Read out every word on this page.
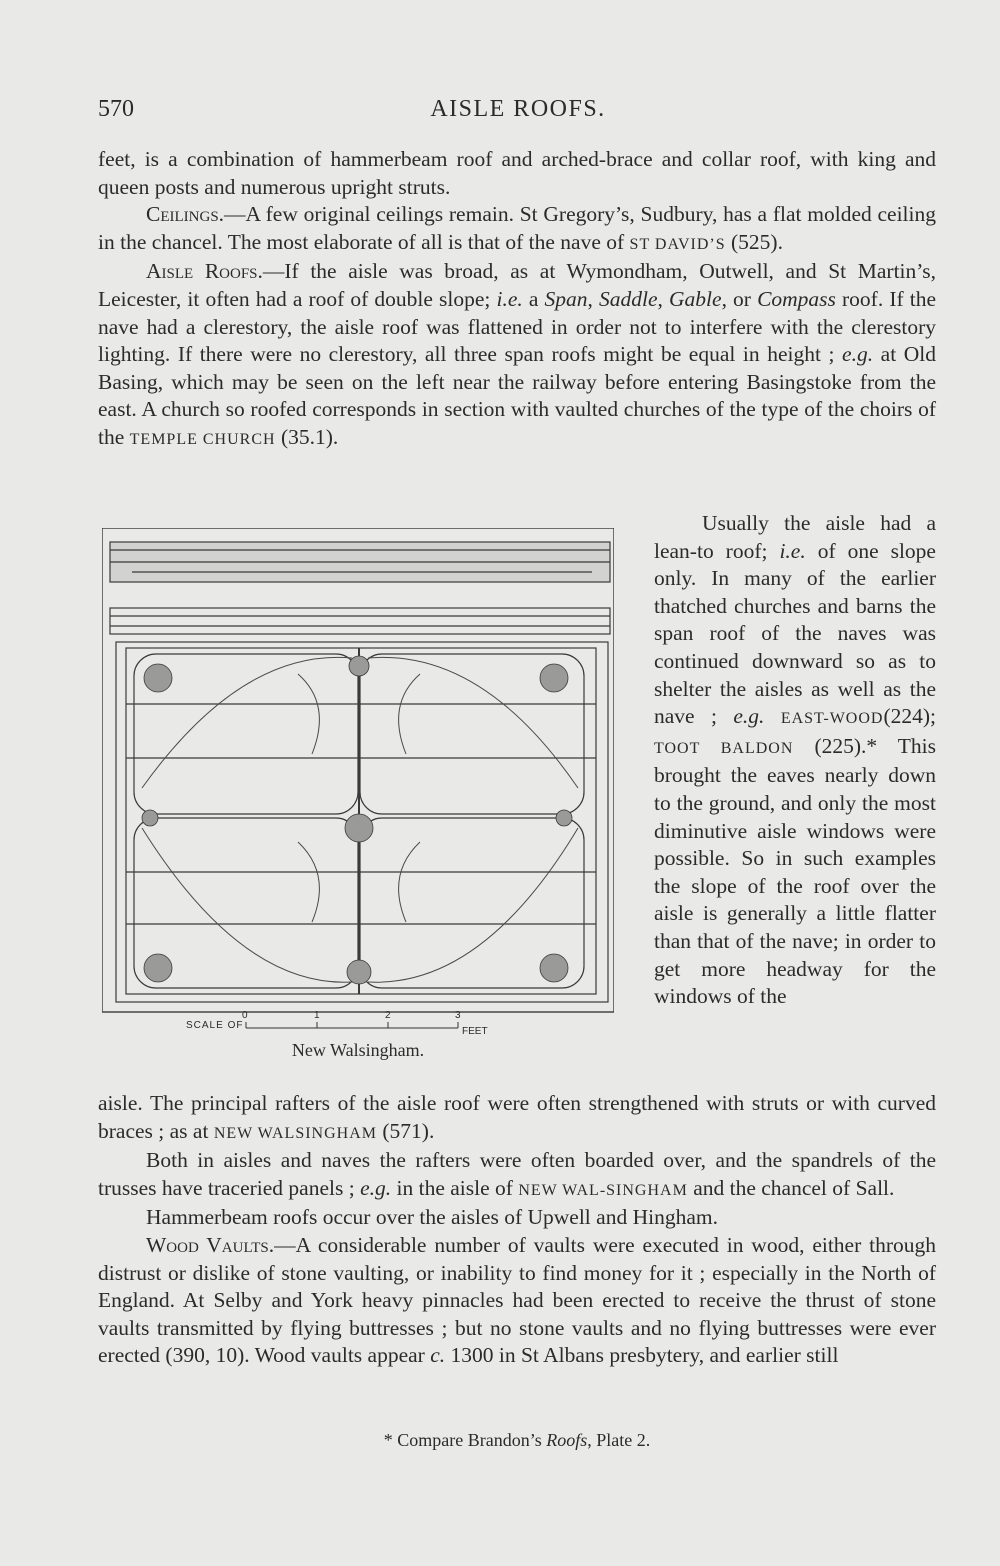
570	AISLE ROOFS.

feet, is a combination of hammerbeam roof and arched-brace and collar roof, with king and queen posts and numerous upright struts.

Ceilings.—A few original ceilings remain. St Gregory’s, Sudbury, has a flat molded ceiling in the chancel. The most elaborate of all is that of the nave of ST DAVID’S (525).

Aisle Roofs.—If the aisle was broad, as at Wymondham, Outwell, and St Martin’s, Leicester, it often had a roof of double slope; i.e. a Span, Saddle, Gable, or Compass roof. If the nave had a clerestory, the aisle roof was flattened in order not to interfere with the clerestory lighting. If there were no clerestory, all three span roofs might be equal in height ; e.g. at Old Basing, which may be seen on the left near the railway before entering Basingstoke from the east. A church so roofed corresponds in section with vaulted churches of the type of the choirs of the TEMPLE CHURCH (35.1).

SCALE OF
0	1	2	3
FEET
New Walsingham.

Usually the aisle had a lean-to roof; i.e. of one slope only. In many of the earlier thatched churches and barns the span roof of the naves was continued downward so as to shelter the aisles as well as the nave ; e.g. EAST-WOOD(224); TOOT BALDON (225).* This brought the eaves nearly down to the ground, and only the most diminutive aisle windows were possible. So in such examples the slope of the roof over the aisle is generally a little flatter than that of the nave; in order to get more headway for the windows of the

aisle. The principal rafters of the aisle roof were often strengthened with struts or with curved braces ; as at NEW WALSINGHAM (571).

Both in aisles and naves the rafters were often boarded over, and the spandrels of the trusses have traceried panels ; e.g. in the aisle of NEW WAL-SINGHAM and the chancel of Sall.

Hammerbeam roofs occur over the aisles of Upwell and Hingham.

Wood Vaults.—A considerable number of vaults were executed in wood, either through distrust or dislike of stone vaulting, or inability to find money for it ; especially in the North of England. At Selby and York heavy pinnacles had been erected to receive the thrust of stone vaults transmitted by flying buttresses ; but no stone vaults and no flying buttresses were ever erected (390, 10). Wood vaults appear c. 1300 in St Albans presbytery, and earlier still

* Compare Brandon’s Roofs, Plate 2.
